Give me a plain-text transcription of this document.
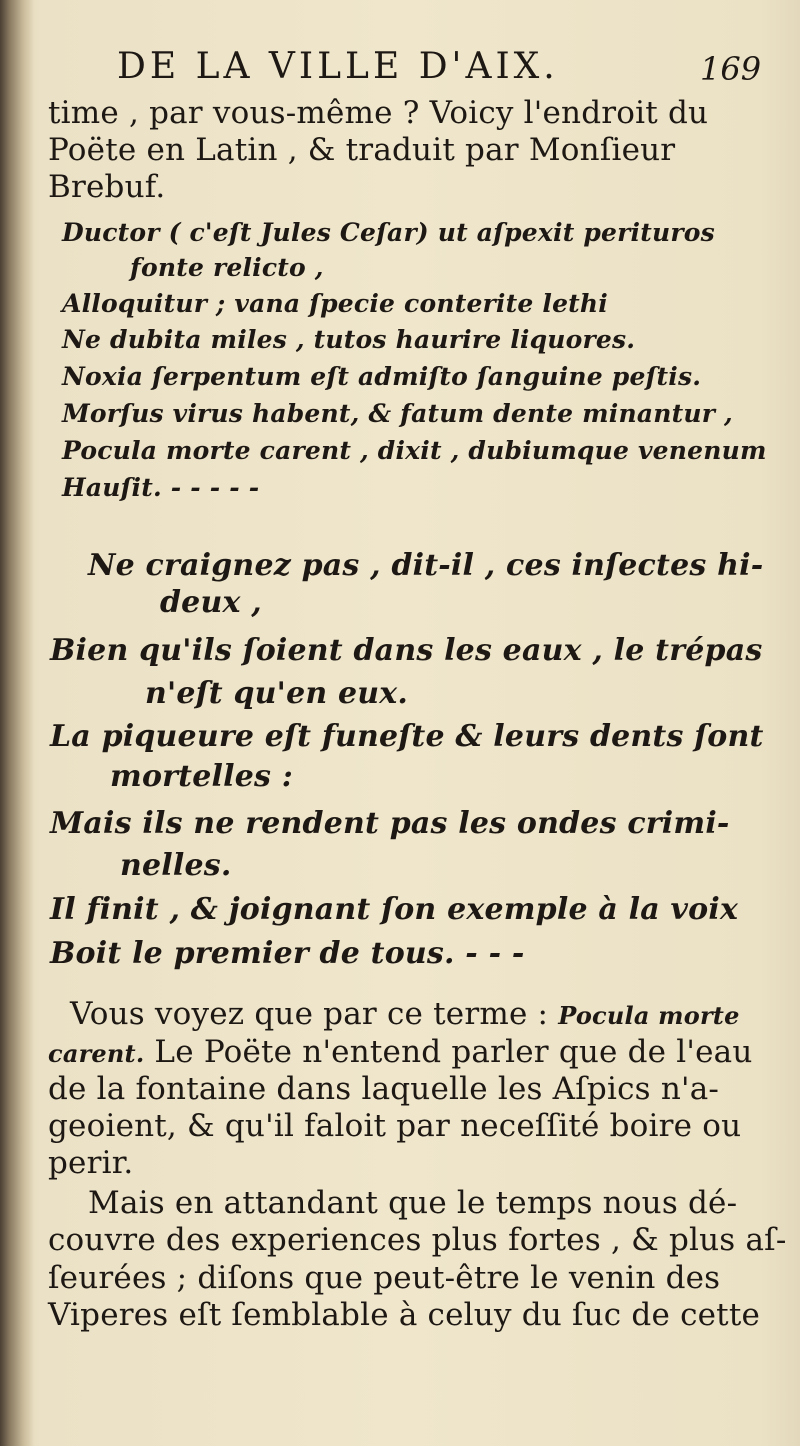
DE LA VILLE D'AIX.	169

time , par vous-même ? Voicy l'endroit du

Poëte en Latin , & traduit par Monſieur

Brebuf.

Ductor ( c'eſt Jules Ceſar) ut aſpexit perituros

fonte relicto ,

Alloquitur ; vana ſpecie conterite lethi

Ne dubita miles , tutos haurire liquores.

Noxia ſerpentum eſt admiſto ſanguine peſtis.

Morſus virus habent, & fatum dente minantur ,

Pocula morte carent , dixit , dubiumque venenum

Hauſit. - - - - -

Ne craignez pas , dit-il , ces inſectes hi-

deux ,

Bien qu'ils ſoient dans les eaux , le trépas

n'eſt qu'en eux.

La piqueure eſt funeſte & leurs dents ſont

mortelles :

Mais ils ne rendent pas les ondes crimi-

nelles.

Il finit , & joignant ſon exemple à la voix

Boit le premier de tous. - - -

Vous voyez que par ce terme : Pocula morte

carent. Le Poëte n'entend parler que de l'eau

de la fontaine dans laquelle les Aſpics n'a-

geoient, & qu'il faloit par neceſſité boire ou

perir.

Mais en attandant que le temps nous dé-

couvre des experiences plus fortes , & plus aſ-

ſeurées ; diſons que peut-être le venin des

Viperes eſt ſemblable à celuy du ſuc de cette
